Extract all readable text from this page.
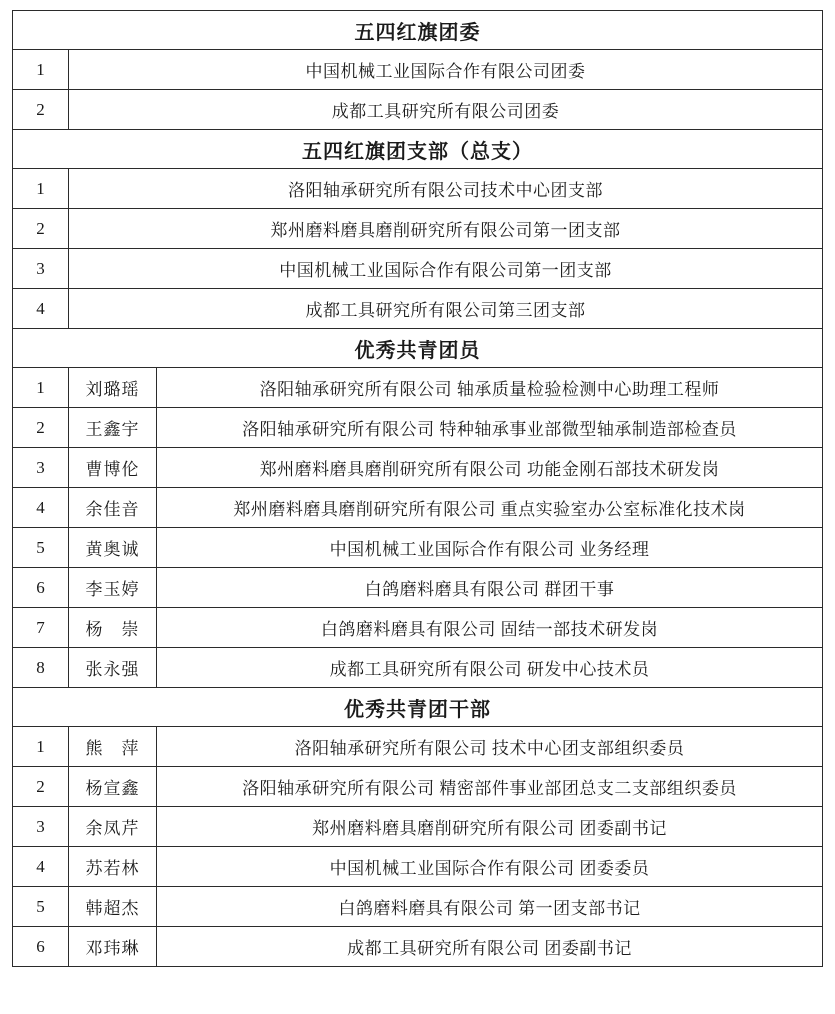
五四红旗团委		
1	中国机械工业国际合作有限公司团委	
2	成都工具研究所有限公司团委	
五四红旗团支部（总支）		
1	洛阳轴承研究所有限公司技术中心团支部	
2	郑州磨料磨具磨削研究所有限公司第一团支部	
3	中国机械工业国际合作有限公司第一团支部	
4	成都工具研究所有限公司第三团支部	
优秀共青团员		
1	刘璐瑶	洛阳轴承研究所有限公司 轴承质量检验检测中心助理工程师
2	王鑫宇	洛阳轴承研究所有限公司 特种轴承事业部微型轴承制造部检查员
3	曹博伦	郑州磨料磨具磨削研究所有限公司 功能金刚石部技术研发岗
4	余佳音	郑州磨料磨具磨削研究所有限公司 重点实验室办公室标准化技术岗
5	黄奥诚	中国机械工业国际合作有限公司 业务经理
6	李玉婷	白鸽磨料磨具有限公司 群团干事
7	杨　崇	白鸽磨料磨具有限公司 固结一部技术研发岗
8	张永强	成都工具研究所有限公司 研发中心技术员
优秀共青团干部		
1	熊　萍	洛阳轴承研究所有限公司 技术中心团支部组织委员
2	杨宣鑫	洛阳轴承研究所有限公司 精密部件事业部团总支二支部组织委员
3	余凤芹	郑州磨料磨具磨削研究所有限公司 团委副书记
4	苏若林	中国机械工业国际合作有限公司 团委委员
5	韩超杰	白鸽磨料磨具有限公司 第一团支部书记
6	邓玮琳	成都工具研究所有限公司 团委副书记
